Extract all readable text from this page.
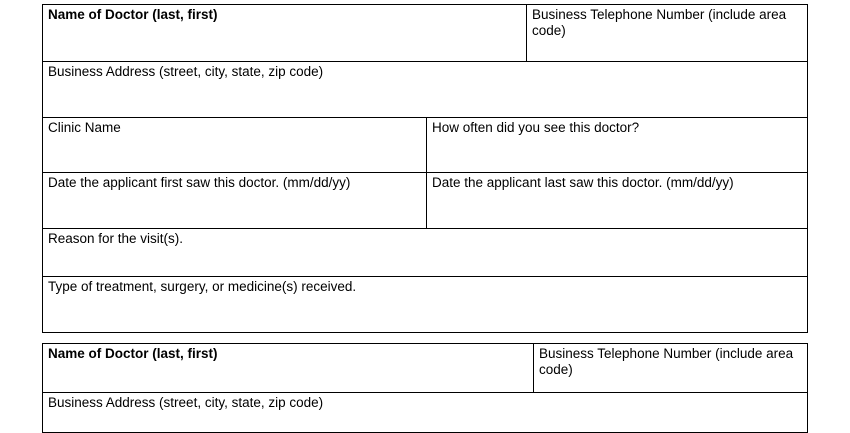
Name of Doctor (last, first)	Business Telephone Number (include area code)
Business Address (street, city, state, zip code)
Clinic Name	How often did you see this doctor?
Date the applicant first saw this doctor. (mm/dd/yy)	Date the applicant last saw this doctor. (mm/dd/yy)
Reason for the visit(s).
Type of treatment, surgery, or medicine(s) received.
Name of Doctor (last, first)	Business Telephone Number (include area code)
Business Address (street, city, state, zip code)
